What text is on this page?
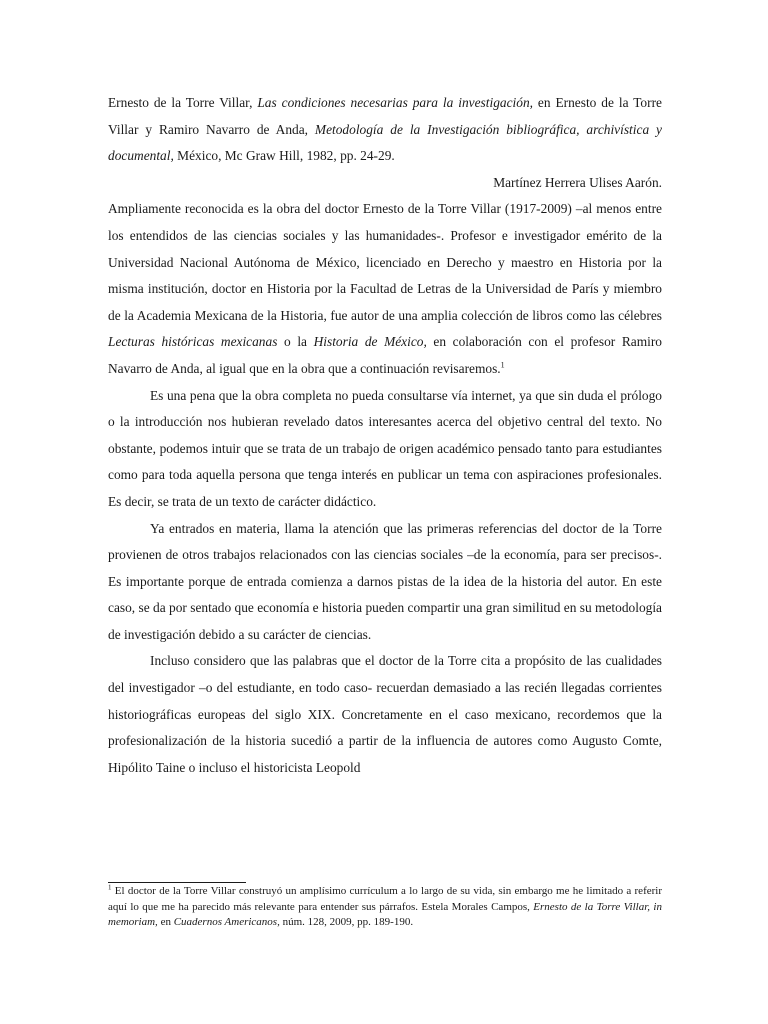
Ernesto de la Torre Villar, Las condiciones necesarias para la investigación, en Ernesto de la Torre Villar y Ramiro Navarro de Anda, Metodología de la Investigación bibliográfica, archivística y documental, México, Mc Graw Hill, 1982, pp. 24-29.

Martínez Herrera Ulises Aarón.

Ampliamente reconocida es la obra del doctor Ernesto de la Torre Villar (1917-2009) –al menos entre los entendidos de las ciencias sociales y las humanidades-. Profesor e investigador emérito de la Universidad Nacional Autónoma de México, licenciado en Derecho y maestro en Historia por la misma institución, doctor en Historia por la Facultad de Letras de la Universidad de París y miembro de la Academia Mexicana de la Historia, fue autor de una amplia colección de libros como las célebres Lecturas históricas mexicanas o la Historia de México, en colaboración con el profesor Ramiro Navarro de Anda, al igual que en la obra que a continuación revisaremos.$^1$

Es una pena que la obra completa no pueda consultarse vía internet, ya que sin duda el prólogo o la introducción nos hubieran revelado datos interesantes acerca del objetivo central del texto. No obstante, podemos intuir que se trata de un trabajo de origen académico pensado tanto para estudiantes como para toda aquella persona que tenga interés en publicar un tema con aspiraciones profesionales. Es decir, se trata de un texto de carácter didáctico.

Ya entrados en materia, llama la atención que las primeras referencias del doctor de la Torre provienen de otros trabajos relacionados con las ciencias sociales –de la economía, para ser precisos-. Es importante porque de entrada comienza a darnos pistas de la idea de la historia del autor. En este caso, se da por sentado que economía e historia pueden compartir una gran similitud en su metodología de investigación debido a su carácter de ciencias.

Incluso considero que las palabras que el doctor de la Torre cita a propósito de las cualidades del investigador –o del estudiante, en todo caso- recuerdan demasiado a las recién llegadas corrientes historiográficas europeas del siglo XIX. Concretamente en el caso mexicano, recordemos que la profesionalización de la historia sucedió a partir de la influencia de autores como Augusto Comte, Hipólito Taine o incluso el historicista Leopold

$^1$ El doctor de la Torre Villar construyó un amplísimo currículum a lo largo de su vida, sin embargo me he limitado a referir aquí lo que me ha parecido más relevante para entender sus párrafos. Estela Morales Campos, Ernesto de la Torre Villar, in memoriam, en Cuadernos Americanos, núm. 128, 2009, pp. 189-190.
